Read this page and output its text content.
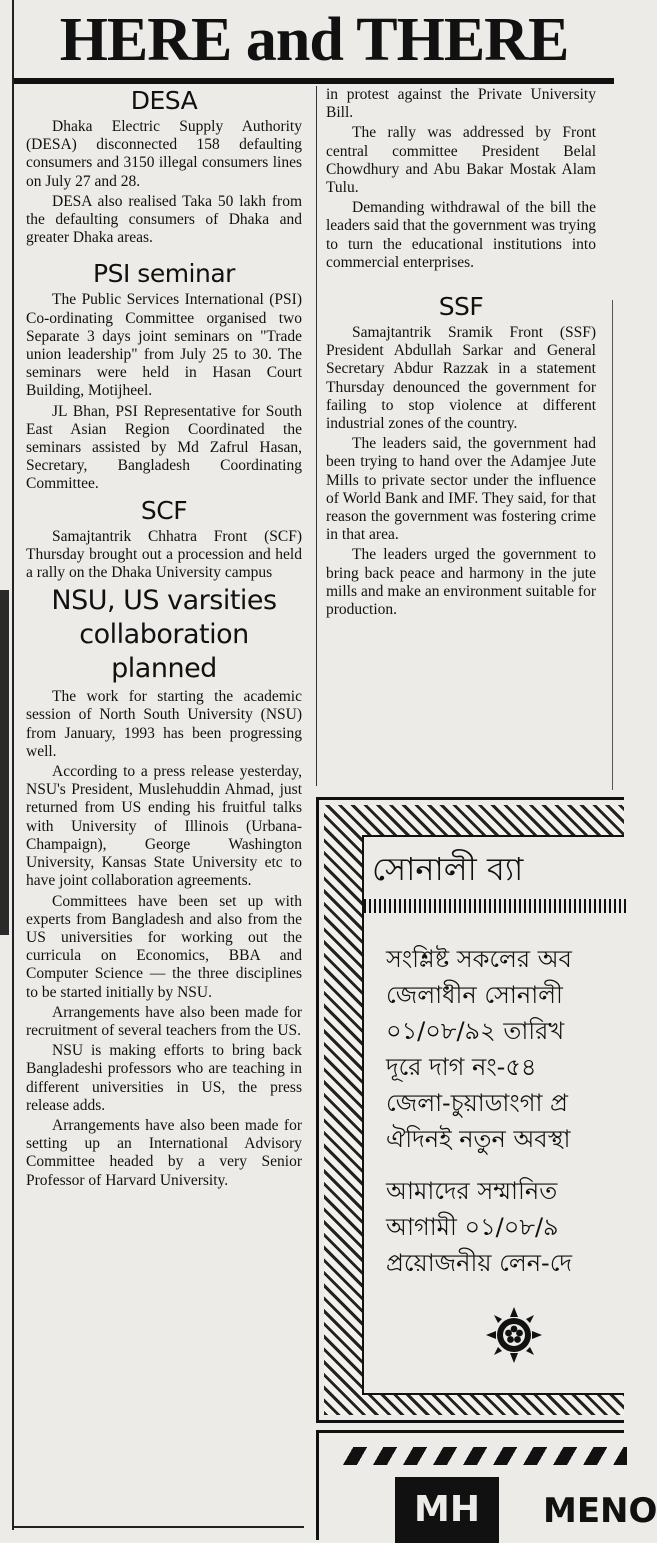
HERE and THERE
DESA

Dhaka Electric Supply Authority (DESA) disconnected 158 defaulting consumers and 3150 illegal consumers lines on July 27 and 28.

DESA also realised Taka 50 lakh from the defaulting consumers of Dhaka and greater Dhaka areas.

PSI seminar

The Public Services International (PSI) Co-ordinating Committee organised two Separate 3 days joint seminars on "Trade union leadership" from July 25 to 30. The seminars were held in Hasan Court Building, Motijheel.

JL Bhan, PSI Representative for South East Asian Region Coordinated the seminars assisted by Md Zafrul Hasan, Secretary, Bangladesh Coordinating Committee.

SCF

Samajtantrik Chhatra Front (SCF) Thursday brought out a procession and held a rally on the Dhaka University campus

NSU, US varsities collaboration planned

The work for starting the academic session of North South University (NSU) from January, 1993 has been progressing well.

According to a press release yesterday, NSU's President, Muslehuddin Ahmad, just returned from US ending his fruitful talks with University of Illinois (Urbana-Champaign), George Washington University, Kansas State University etc to have joint collaboration agreements.

Committees have been set up with experts from Bangladesh and also from the US universities for working out the curricula on Economics, BBA and Computer Science — the three disciplines to be started initially by NSU.

Arrangements have also been made for recruitment of several teachers from the US.

NSU is making efforts to bring back Bangladeshi professors who are teaching in different universities in US, the press release adds.

Arrangements have also been made for setting up an International Advisory Committee headed by a very Senior Professor of Harvard University.

in protest against the Private University Bill.

The rally was addressed by Front central committee President Belal Chowdhury and Abu Bakar Mostak Alam Tulu.

Demanding withdrawal of the bill the leaders said that the government was trying to turn the educational institutions into commercial enterprises.

SSF

Samajtantrik Sramik Front (SSF) President Abdullah Sarkar and General Secretary Abdur Razzak in a statement Thursday denounced the government for failing to stop violence at different industrial zones of the country.

The leaders said, the government had been trying to hand over the Adamjee Jute Mills to private sector under the influence of World Bank and IMF. They said, for that reason the government was fostering crime in that area.

The leaders urged the government to bring back peace and harmony in the jute mills and make an environment suitable for production.

সোনালী ব্যা
সংশ্লিষ্ট সকলের অব
জেলাধীন সোনালী
০১/০৮/৯২ তারিখ
দূরে দাগ নং-৫৪
জেলা-চুয়াডাংগা প্র
ঐদিনই নতুন অবস্থা
আমাদের সম্মানিত
আগামী ০১/০৮/৯
প্রয়োজনীয় লেন-দে
MH	MENO
